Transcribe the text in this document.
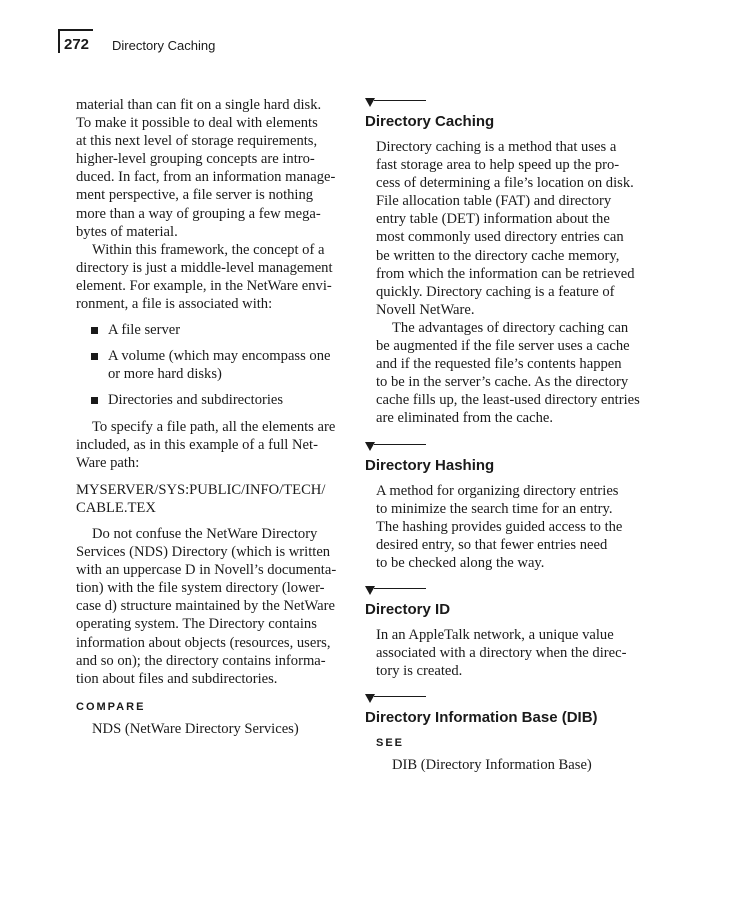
272 Directory Caching
material than can fit on a single hard disk.
To make it possible to deal with elements
at this next level of storage requirements,
higher-level grouping concepts are intro-
duced. In fact, from an information manage-
ment perspective, a file server is nothing
more than a way of grouping a few mega-
bytes of material.
Within this framework, the concept of a
directory is just a middle-level management
element. For example, in the NetWare envi-
ronment, a file is associated with:
A file server
A volume (which may encompass one
or more hard disks)
Directories and subdirectories
To specify a file path, all the elements are
included, as in this example of a full Net-
Ware path:
MYSERVER/SYS:PUBLIC/INFO/TECH/
CABLE.TEX
Do not confuse the NetWare Directory
Services (NDS) Directory (which is written
with an uppercase D in Novell’s documenta-
tion) with the file system directory (lower-
case d) structure maintained by the NetWare
operating system. The Directory contains
information about objects (resources, users,
and so on); the directory contains informa-
tion about files and subdirectories.
COMPARE
NDS (NetWare Directory Services)
Directory Caching
Directory caching is a method that uses a
fast storage area to help speed up the pro-
cess of determining a file’s location on disk.
File allocation table (FAT) and directory
entry table (DET) information about the
most commonly used directory entries can
be written to the directory cache memory,
from which the information can be retrieved
quickly. Directory caching is a feature of
Novell NetWare.
The advantages of directory caching can
be augmented if the file server uses a cache
and if the requested file’s contents happen
to be in the server’s cache. As the directory
cache fills up, the least-used directory entries
are eliminated from the cache.
Directory Hashing
A method for organizing directory entries
to minimize the search time for an entry.
The hashing provides guided access to the
desired entry, so that fewer entries need
to be checked along the way.
Directory ID
In an AppleTalk network, a unique value
associated with a directory when the direc-
tory is created.
Directory Information Base (DIB)
SEE
DIB (Directory Information Base)
